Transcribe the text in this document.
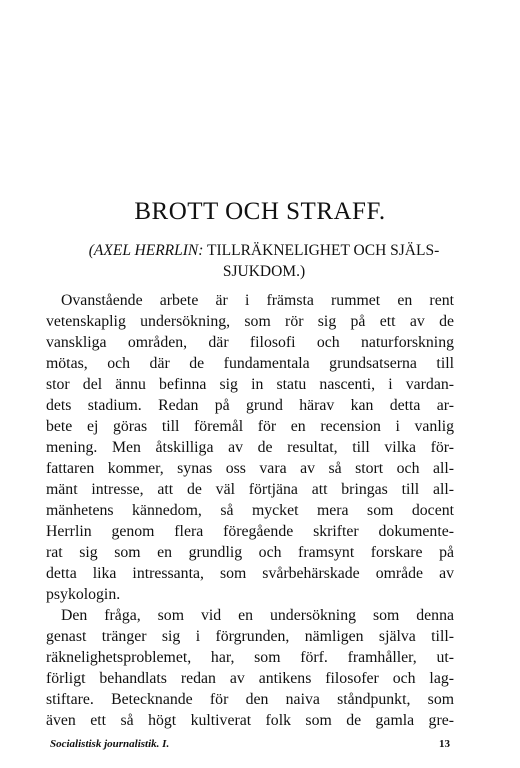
BROTT OCH STRAFF.
(AXEL HERRLIN: TILLRÄKNELIGHET OCH SJÄLS-
SJUKDOM.)
Ovanstående arbete är i främsta rummet en rent
vetenskaplig undersökning, som rör sig på ett av de
vanskliga områden, där filosofi och naturforskning
mötas, och där de fundamentala grundsatserna till
stor del ännu befinna sig in statu nascenti, i vardan-
dets stadium. Redan på grund härav kan detta ar-
bete ej göras till föremål för en recension i vanlig
mening. Men åtskilliga av de resultat, till vilka för-
fattaren kommer, synas oss vara av så stort och all-
mänt intresse, att de väl förtjäna att bringas till all-
mänhetens kännedom, så mycket mera som docent
Herrlin genom flera föregående skrifter dokumente-
rat sig som en grundlig och framsynt forskare på
detta lika intressanta, som svårbehärskade område av
psykologin.
Den fråga, som vid en undersökning som denna
genast tränger sig i förgrunden, nämligen själva till-
räknelighetsproblemet, har, som förf. framhåller, ut-
förligt behandlats redan av antikens filosofer och lag-
stiftare. Betecknande för den naiva ståndpunkt, som
även ett så högt kultiverat folk som de gamla gre-
Socialistisk journalistik. I.	13
